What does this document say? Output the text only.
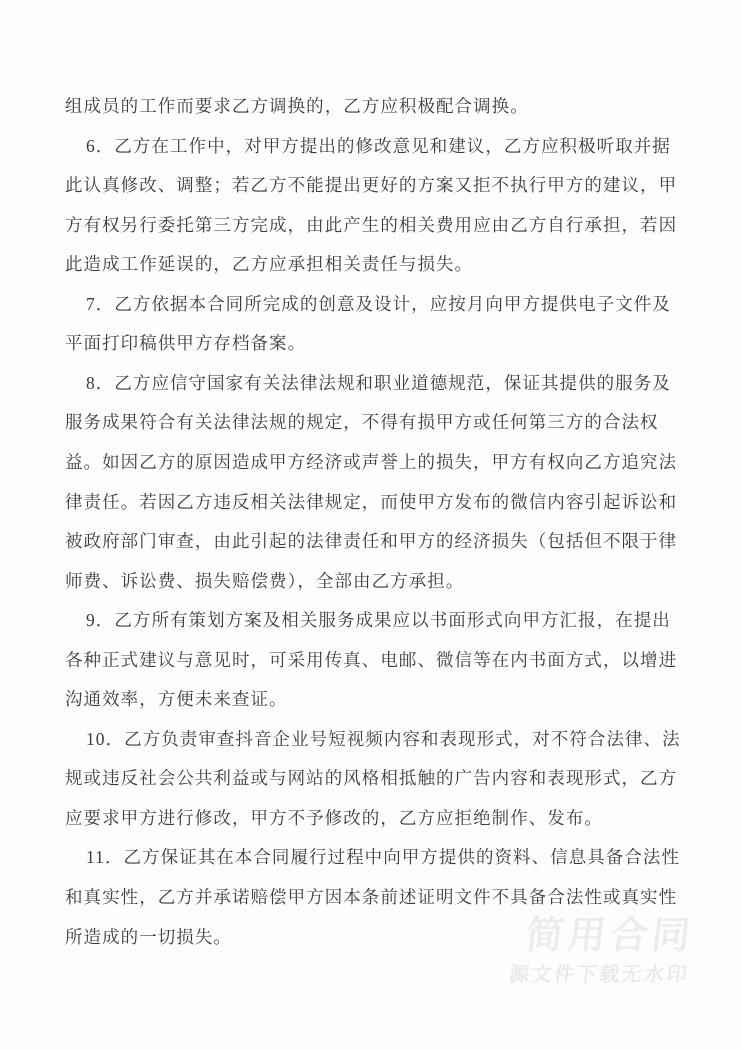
组成员的工作而要求乙方调换的，乙方应积极配合调换。
6．乙方在工作中，对甲方提出的修改意见和建议，乙方应积极听取并据
此认真修改、调整；若乙方不能提出更好的方案又拒不执行甲方的建议，甲
方有权另行委托第三方完成，由此产生的相关费用应由乙方自行承担，若因
此造成工作延误的，乙方应承担相关责任与损失。
7．乙方依据本合同所完成的创意及设计，应按月向甲方提供电子文件及
平面打印稿供甲方存档备案。
8．乙方应信守国家有关法律法规和职业道德规范，保证其提供的服务及
服务成果符合有关法律法规的规定，不得有损甲方或任何第三方的合法权
益。如因乙方的原因造成甲方经济或声誉上的损失，甲方有权向乙方追究法
律责任。若因乙方违反相关法律规定，而使甲方发布的微信内容引起诉讼和
被政府部门审查，由此引起的法律责任和甲方的经济损失（包括但不限于律
师费、诉讼费、损失赔偿费），全部由乙方承担。
9．乙方所有策划方案及相关服务成果应以书面形式向甲方汇报，在提出
各种正式建议与意见时，可采用传真、电邮、微信等在内书面方式，以增进
沟通效率，方便未来查证。
10．乙方负责审查抖音企业号短视频内容和表现形式，对不符合法律、法
规或违反社会公共利益或与网站的风格相抵触的广告内容和表现形式，乙方
应要求甲方进行修改，甲方不予修改的，乙方应拒绝制作、发布。
11．乙方保证其在本合同履行过程中向甲方提供的资料、信息具备合法性
和真实性，乙方并承诺赔偿甲方因本条前述证明文件不具备合法性或真实性
所造成的一切损失。	简用合同
源文件下载无水印
